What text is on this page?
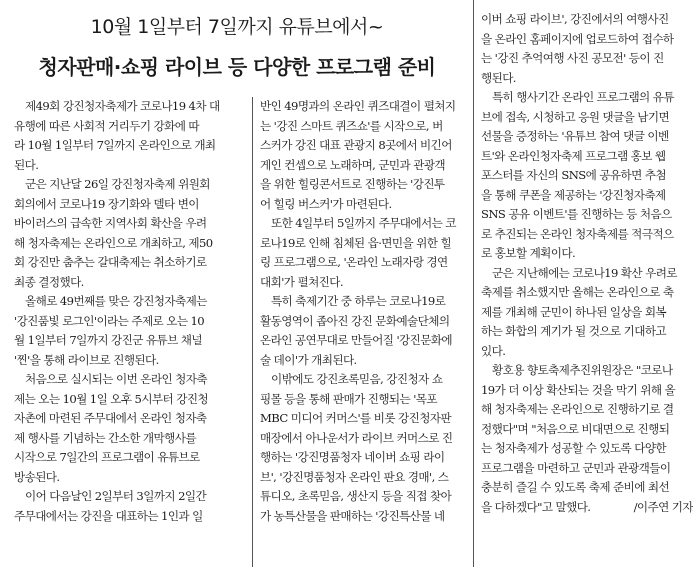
10월 1일부터 7일까지 유튜브에서~
청자판매·쇼핑 라이브 등 다양한 프로그램 준비

제49회 강진청자축제가 코로나19 4차 대
유행에 따른 사회적 거리두기 강화에 따
라 10월 1일부터 7일까지 온라인으로 개최
된다.

군은 지난달 26일 강진청자축제 위원회
회의에서 코로나19 장기화와 델타 변이
바이러스의 급속한 지역사회 확산을 우려
해 청자축제는 온라인으로 개최하고, 제50
회 강진만 춤추는 갈대축제는 취소하기로
최종 결정했다.

올해로 49번째를 맞은 강진청자축제는
'강진품빛 로그인'이라는 주제로 오는 10
월 1일부터 7일까지 강진군 유튜브 채널
'찐'을 통해 라이브로 진행된다.

처음으로 실시되는 이번 온라인 청자축
제는 오는 10월 1일 오후 5시부터 강진청
자촌에 마련된 주무대에서 온라인 청자축
제 행사를 기념하는 간소한 개막행사를
시작으로 7일간의 프로그램이 유튜브로
방송된다.

이어 다음날인 2일부터 3일까지 2일간
주무대에서는 강진을 대표하는 1인과 일

반인 49명과의 온라인 퀴즈대결이 펼쳐지
는 '강진 스마트 퀴즈쇼'를 시작으로, 버
스커가 강진 대표 관광지 8곳에서 비긴어
게인 컨셉으로 노래하며, 군민과 관광객
을 위한 힐링콘서트로 진행하는 '강진투
어 힐링 버스커'가 마련된다.

또한 4일부터 5일까지 주무대에서는 코
로나19로 인해 침체된 읍·면민을 위한 힐
링 프로그램으로, '온라인 노래자랑 경연
대회'가 펼쳐진다.

특히 축제기간 중 하루는 코로나19로
활동영역이 좁아진 강진 문화예술단체의
온라인 공연무대로 만들어질 '강진문화에
술 데이'가 개최된다.

이밖에도 강진초록믿음, 강진청자 쇼
핑몰 등을 통해 판매가 진행되는 '목포
MBC 미디어 커머스'를 비롯 강진청자판
매장에서 아나운서가 라이브 커머스로 진
행하는 '강진명품청자 네이버 쇼핑 라이
브', '강진명품청자 온라인 판요 경매', 스
튜디오, 초록믿음, 생산지 등을 직접 찾아
가 농특산물을 판매하는 '강진특산물 네

이버 쇼핑 라이브', 강진에서의 여행사진
을 온라인 홈페이지에 업로드하여 접수하
는 '강진 추억여행 사진 공모전' 등이 진
행된다.

특히 행사기간 온라인 프로그램의 유튜
브에 접속, 시청하고 응원 댓글을 남기면
선물을 증정하는 '유튜브 참여 댓글 이벤
트'와 온라인청자축제 프로그램 홍보 웹
포스터를 자신의 SNS에 공유하면 추첨
을 통해 쿠폰을 제공하는 '강진청자축제
SNS 공유 이벤트'를 진행하는 등 처음으
로 추진되는 온라인 청자축제를 적극적으
로 홍보할 계획이다.

군은 지난해에는 코로나19 확산 우려로
축제를 취소했지만 올해는 온라인으로 축
제를 개최해 군민이 하나된 일상을 회복
하는 화합의 계기가 될 것으로 기대하고
있다.

황호용 향토축제추진위원장은 "코로나
19가 더 이상 확산되는 것을 막기 위해 올
해 청자축제는 온라인으로 진행하기로 결
정했다"며 "처음으로 비대면으로 진행되
는 청자축제가 성공할 수 있도록 다양한
프로그램을 마련하고 군민과 관광객들이
충분히 즐길 수 있도록 축제 준비에 최선
을 다하겠다"고 말했다.	/이주연 기자
